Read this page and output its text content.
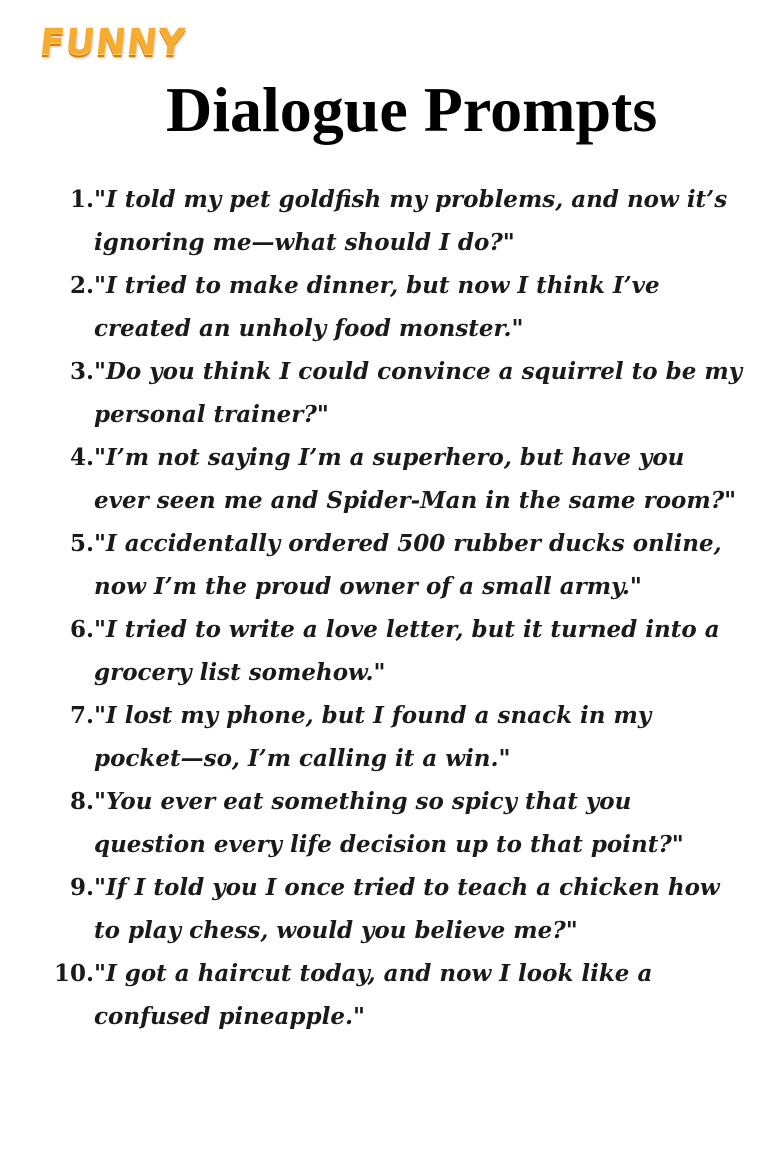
FUNNY
Dialogue Prompts
1. "I told my pet goldfish my problems, and now it’s ignoring me—what should I do?"
2. "I tried to make dinner, but now I think I’ve created an unholy food monster."
3. "Do you think I could convince a squirrel to be my personal trainer?"
4. "I’m not saying I’m a superhero, but have you ever seen me and Spider-Man in the same room?"
5. "I accidentally ordered 500 rubber ducks online, now I’m the proud owner of a small army."
6. "I tried to write a love letter, but it turned into a grocery list somehow."
7. "I lost my phone, but I found a snack in my pocket—so, I’m calling it a win."
8. "You ever eat something so spicy that you question every life decision up to that point?"
9. "If I told you I once tried to teach a chicken how to play chess, would you believe me?"
10. "I got a haircut today, and now I look like a confused pineapple."
